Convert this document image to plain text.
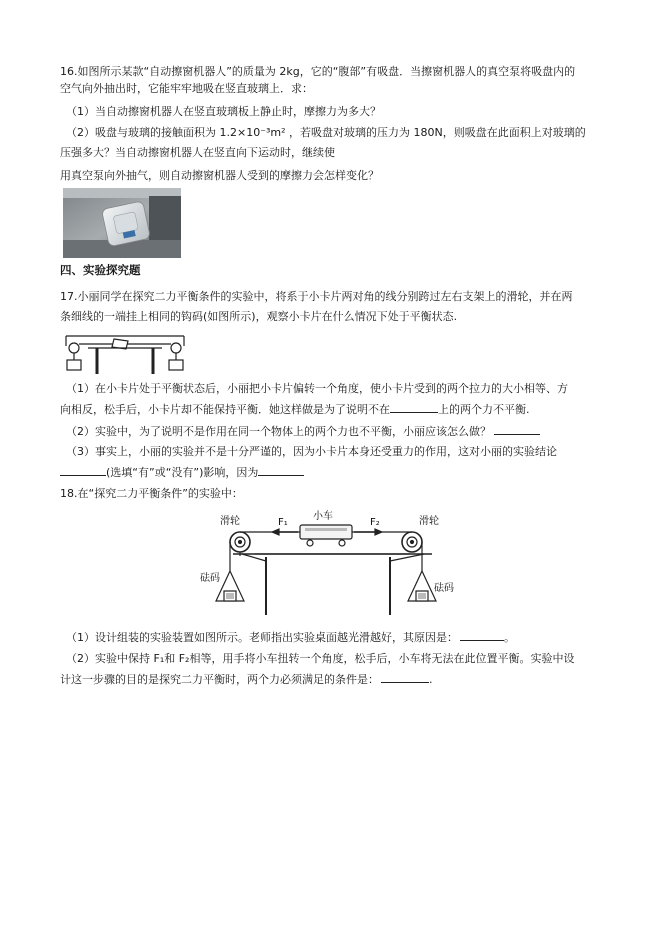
16.如图所示某款“自动擦窗机器人”的质量为 2kg，它的“腹部”有吸盘．当擦窗机器人的真空泵将吸盘内的
空气向外抽出时，它能牢牢地吸在竖直玻璃上．求：
（1）当自动擦窗机器人在竖直玻璃板上静止时，摩擦力为多大？
（2）吸盘与玻璃的接触面积为 1.2×10⁻³m² ，若吸盘对玻璃的压力为 180N，则吸盘在此面积上对玻璃的
压强多大？当自动擦窗机器人在竖直向下运动时，继续使
用真空泵向外抽气，则自动擦窗机器人受到的摩擦力会怎样变化？
四、实验探究题
17.小丽同学在探究二力平衡条件的实验中，将系于小卡片两对角的线分别跨过左右支架上的滑轮，并在两
条细线的一端挂上相同的钩码(如图所示)，观察小卡片在什么情况下处于平衡状态.
（1）在小卡片处于平衡状态后，小丽把小卡片偏转一个角度，使小卡片受到的两个拉力的大小相等、方
向相反，松手后，小卡片却不能保持平衡．她这样做是为了说明不在	上的两个力不平衡.
（2）实验中，为了说明不是作用在同一个物体上的两个力也不平衡，小丽应该怎么做？
（3）事实上，小丽的实验并不是十分严谨的，因为小卡片本身还受重力的作用，这对小丽的实验结论
(选填“有”或“没有”)影响，因为
18.在“探究二力平衡条件”的实验中：
滑轮	滑轮
小车
F₁	F₂
砝码
砝码
（1）设计组装的实验装置如图所示。老师指出实验桌面越光滑越好，其原因是：	。
（2）实验中保持 F₁和 F₂相等，用手将小车扭转一个角度，松手后，小车将无法在此位置平衡。实验中设
计这一步骤的目的是探究二力平衡时，两个力必须满足的条件是：	.
